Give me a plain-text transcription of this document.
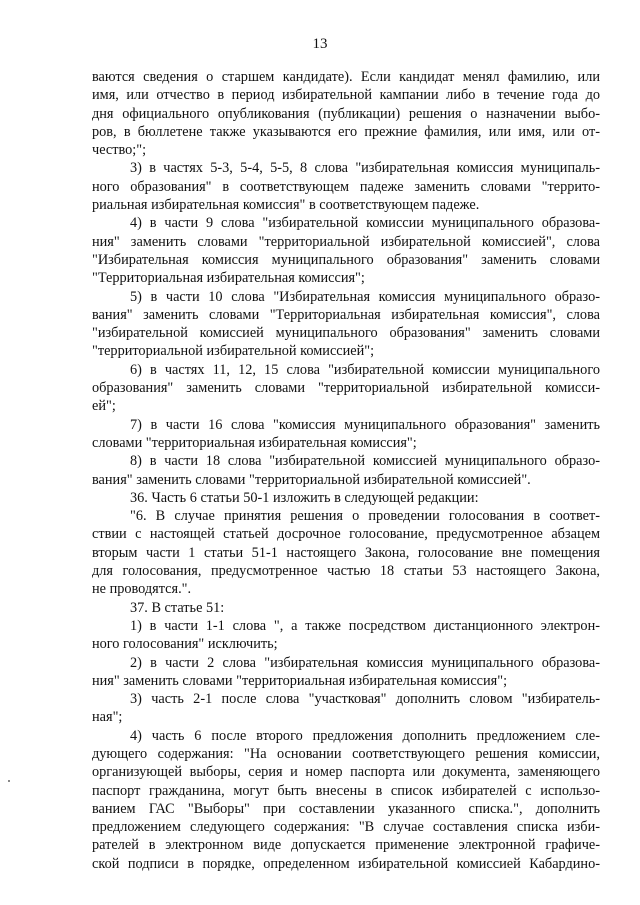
13
ваются сведения о старшем кандидате). Если кандидат менял фамилию, или
имя, или отчество в период избирательной кампании либо в течение года до
дня официального опубликования (публикации) решения о назначении выбо-
ров, в бюллетене также указываются его прежние фамилия, или имя, или от-
чество;";
3) в частях 5-3, 5-4, 5-5, 8 слова "избирательная комиссия муниципаль-
ного образования" в соответствующем падеже заменить словами "террито-
риальная избирательная комиссия" в соответствующем падеже.
4) в части 9 слова "избирательной комиссии муниципального образова-
ния" заменить словами "территориальной избирательной комиссией", слова
"Избирательная комиссия муниципального образования" заменить словами
"Территориальная избирательная комиссия";
5) в части 10 слова "Избирательная комиссия муниципального образо-
вания" заменить словами "Территориальная избирательная комиссия", слова
"избирательной комиссией муниципального образования" заменить словами
"территориальной избирательной комиссией";
6) в частях 11, 12, 15 слова "избирательной комиссии муниципального
образования" заменить словами "территориальной избирательной комисси-
ей";
7) в части 16 слова "комиссия муниципального образования" заменить
словами "территориальная избирательная комиссия";
8) в части 18 слова "избирательной комиссией муниципального образо-
вания" заменить словами "территориальной избирательной комиссией".
36. Часть 6 статьи 50-1 изложить в следующей редакции:
"6. В случае принятия решения о проведении голосования в соответ-
ствии с настоящей статьей досрочное голосование, предусмотренное абзацем
вторым части 1 статьи 51-1 настоящего Закона, голосование вне помещения
для голосования, предусмотренное частью 18 статьи 53 настоящего Закона,
не проводятся.".
37. В статье 51:
1) в части 1-1 слова ", а также посредством дистанционного электрон-
ного голосования" исключить;
2) в части 2 слова "избирательная комиссия муниципального образова-
ния" заменить словами "территориальная избирательная комиссия";
3) часть 2-1 после слова "участковая" дополнить словом "избиратель-
ная";
4) часть 6 после второго предложения дополнить предложением сле-
дующего содержания: "На основании соответствующего решения комиссии,
организующей выборы, серия и номер паспорта или документа, заменяющего
паспорт гражданина, могут быть внесены в список избирателей с использо-
ванием ГАС "Выборы" при составлении указанного списка.", дополнить
предложением следующего содержания: "В случае составления списка изби-
рателей в электронном виде допускается применение электронной графиче-
ской подписи в порядке, определенном избирательной комиссией Кабардино-
